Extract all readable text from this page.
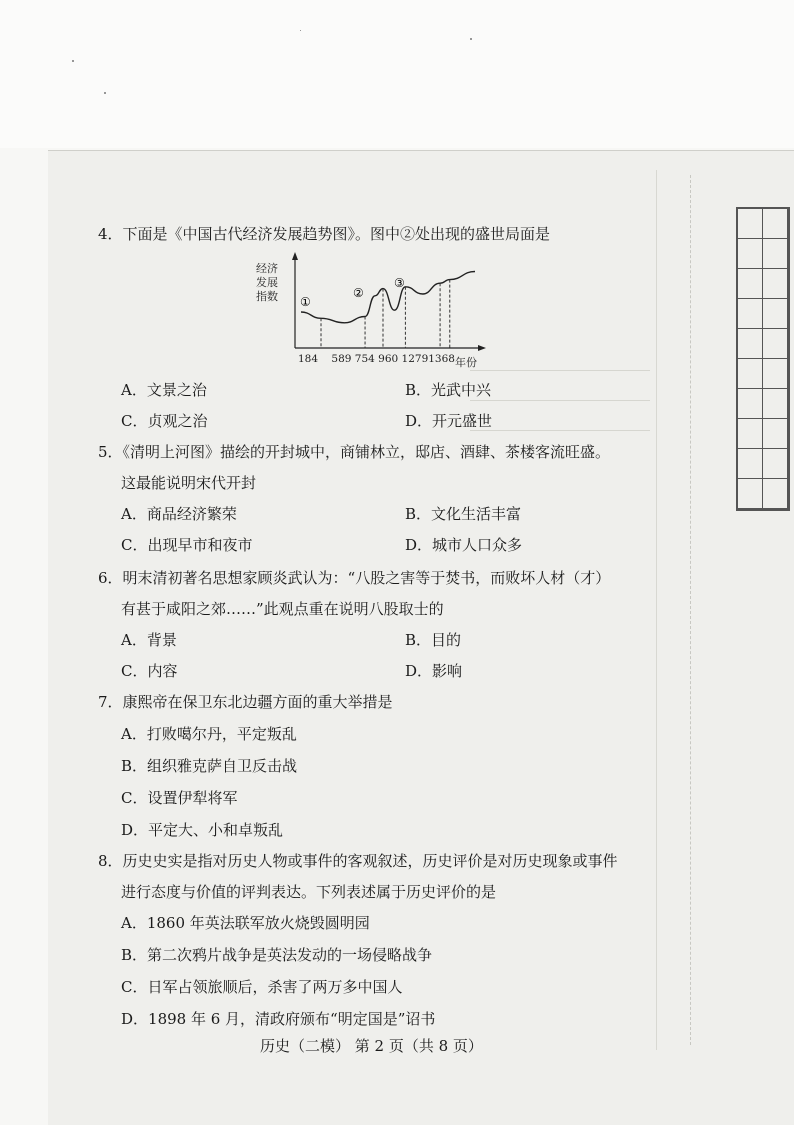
4．下面是《中国古代经济发展趋势图》。图中②处出现的盛世局面是
经济
发展
指数 ①
②
③
184    589 754 960 12791368 年份
A．文景之治	B．光武中兴
C．贞观之治	D．开元盛世
5．《清明上河图》描绘的开封城中，商铺林立，邸店、酒肆、茶楼客流旺盛。
这最能说明宋代开封
A．商品经济繁荣	B．文化生活丰富
C．出现早市和夜市	D．城市人口众多
6．明末清初著名思想家顾炎武认为：“八股之害等于焚书，而败坏人材（才）
有甚于咸阳之郊……”此观点重在说明八股取士的
A．背景	B．目的
C．内容	D．影响
7．康熙帝在保卫东北边疆方面的重大举措是
A．打败噶尔丹，平定叛乱
B．组织雅克萨自卫反击战
C．设置伊犁将军
D．平定大、小和卓叛乱
8．历史史实是指对历史人物或事件的客观叙述，历史评价是对历史现象或事件
进行态度与价值的评判表达。下列表述属于历史评价的是
A．1860 年英法联军放火烧毁圆明园
B．第二次鸦片战争是英法发动的一场侵略战争
C．日军占领旅顺后，杀害了两万多中国人
D．1898 年 6 月，清政府颁布“明定国是”诏书
历史（二模） 第 2 页（共 8 页）
